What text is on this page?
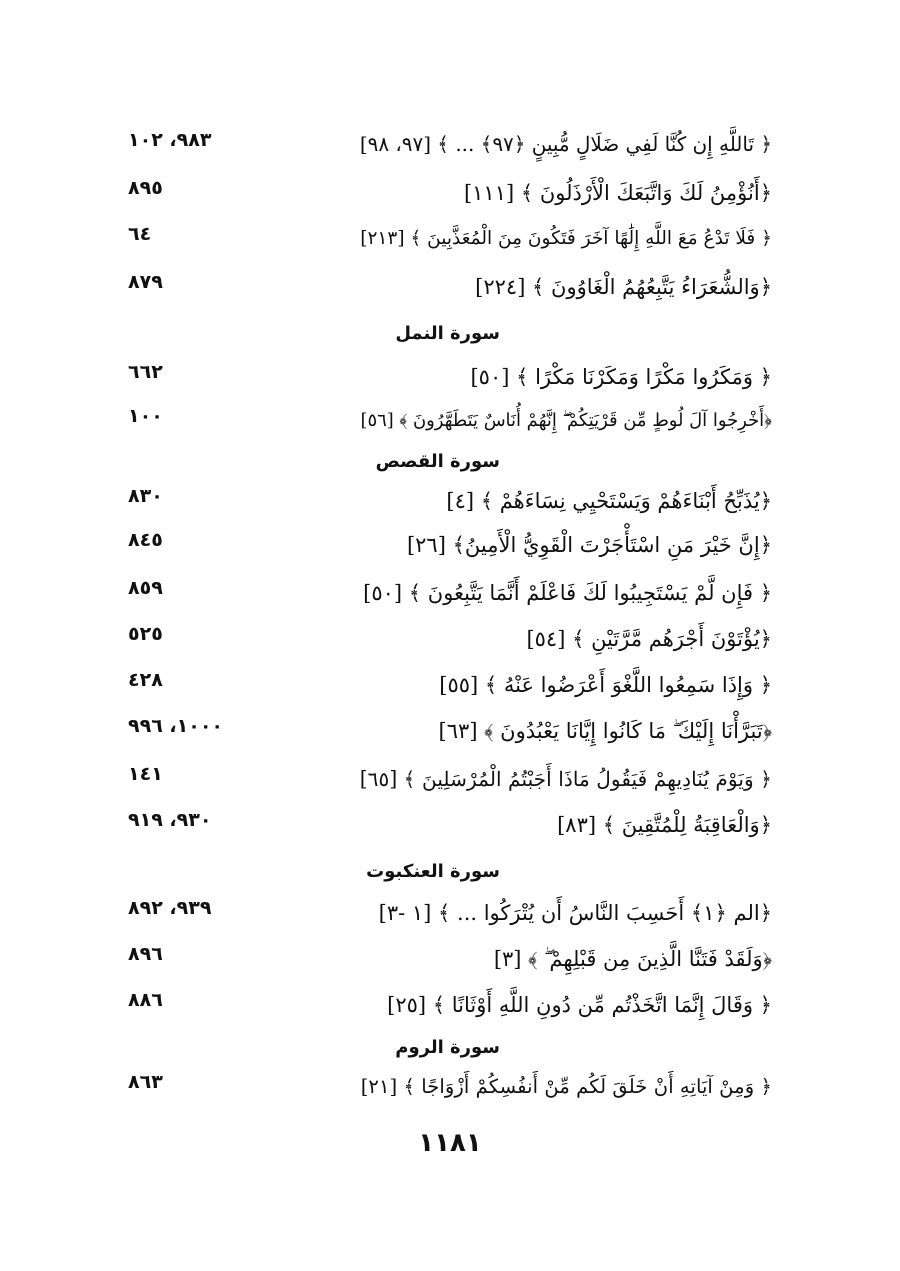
١١٨١
﴿ تَاللَّهِ إِن كُنَّا لَفِي ضَلَالٍ مُّبِينٍ ﴿٩٧﴾ ... ﴾ [٩٧، ٩٨]
٩٨٣، ١٠٢
﴿أَنُؤْمِنُ لَكَ وَاتَّبَعَكَ الْأَرْذَلُونَ ﴾ [١١١]
٨٩٥
﴿ فَلَا تَدْعُ مَعَ اللَّهِ إِلَٰهًا آخَرَ فَتَكُونَ مِنَ الْمُعَذَّبِينَ ﴾ [٢١٣]
٦٤
﴿وَالشُّعَرَاءُ يَتَّبِعُهُمُ الْغَاوُونَ ﴾ [٢٢٤]
٨٧٩
سورة النمل
﴿ وَمَكَرُوا مَكْرًا وَمَكَرْنَا مَكْرًا ﴾ [٥٠]
٦٦٢
﴿أَخْرِجُوا آلَ لُوطٍ مِّن قَرْيَتِكُمْ ۖ إِنَّهُمْ أُنَاسٌ يَتَطَهَّرُونَ ﴾ [٥٦]
١٠٠
سورة القصص
﴿يُذَبِّحُ أَبْنَاءَهُمْ وَيَسْتَحْيِي نِسَاءَهُمْ ﴾ [٤]
٨٣٠
﴿إِنَّ خَيْرَ مَنِ اسْتَأْجَرْتَ الْقَوِيُّ الْأَمِينُ﴾ [٢٦]
٨٤٥
﴿ فَإِن لَّمْ يَسْتَجِيبُوا لَكَ فَاعْلَمْ أَنَّمَا يَتَّبِعُونَ ﴾ [٥٠]
٨٥٩
﴿يُؤْتَوْنَ أَجْرَهُم مَّرَّتَيْنِ ﴾ [٥٤]
٥٢٥
﴿ وَإِذَا سَمِعُوا اللَّغْوَ أَعْرَضُوا عَنْهُ ﴾ [٥٥]
٤٢٨
﴿تَبَرَّأْنَا إِلَيْكَ ۖ مَا كَانُوا إِيَّانَا يَعْبُدُونَ ﴾ [٦٣]
١٠٠٠، ٩٩٦
﴿ وَيَوْمَ يُنَادِيهِمْ فَيَقُولُ مَاذَا أَجَبْتُمُ الْمُرْسَلِينَ ﴾ [٦٥]
١٤١
﴿وَالْعَاقِبَةُ لِلْمُتَّقِينَ ﴾ [٨٣]
٩٣٠، ٩١٩
سورة العنكبوت
﴿الم ﴿١﴾ أَحَسِبَ النَّاسُ أَن يُتْرَكُوا ... ﴾ [١ -٣]
٩٣٩، ٨٩٢
﴿وَلَقَدْ فَتَنَّا الَّذِينَ مِن قَبْلِهِمْ ۖ ﴾ [٣]
٨٩٦
﴿ وَقَالَ إِنَّمَا اتَّخَذْتُم مِّن دُونِ اللَّهِ أَوْثَانًا ﴾ [٢٥]
٨٨٦
سورة الروم
﴿ وَمِنْ آيَاتِهِ أَنْ خَلَقَ لَكُم مِّنْ أَنفُسِكُمْ أَزْوَاجًا ﴾ [٢١]
٨٦٣
